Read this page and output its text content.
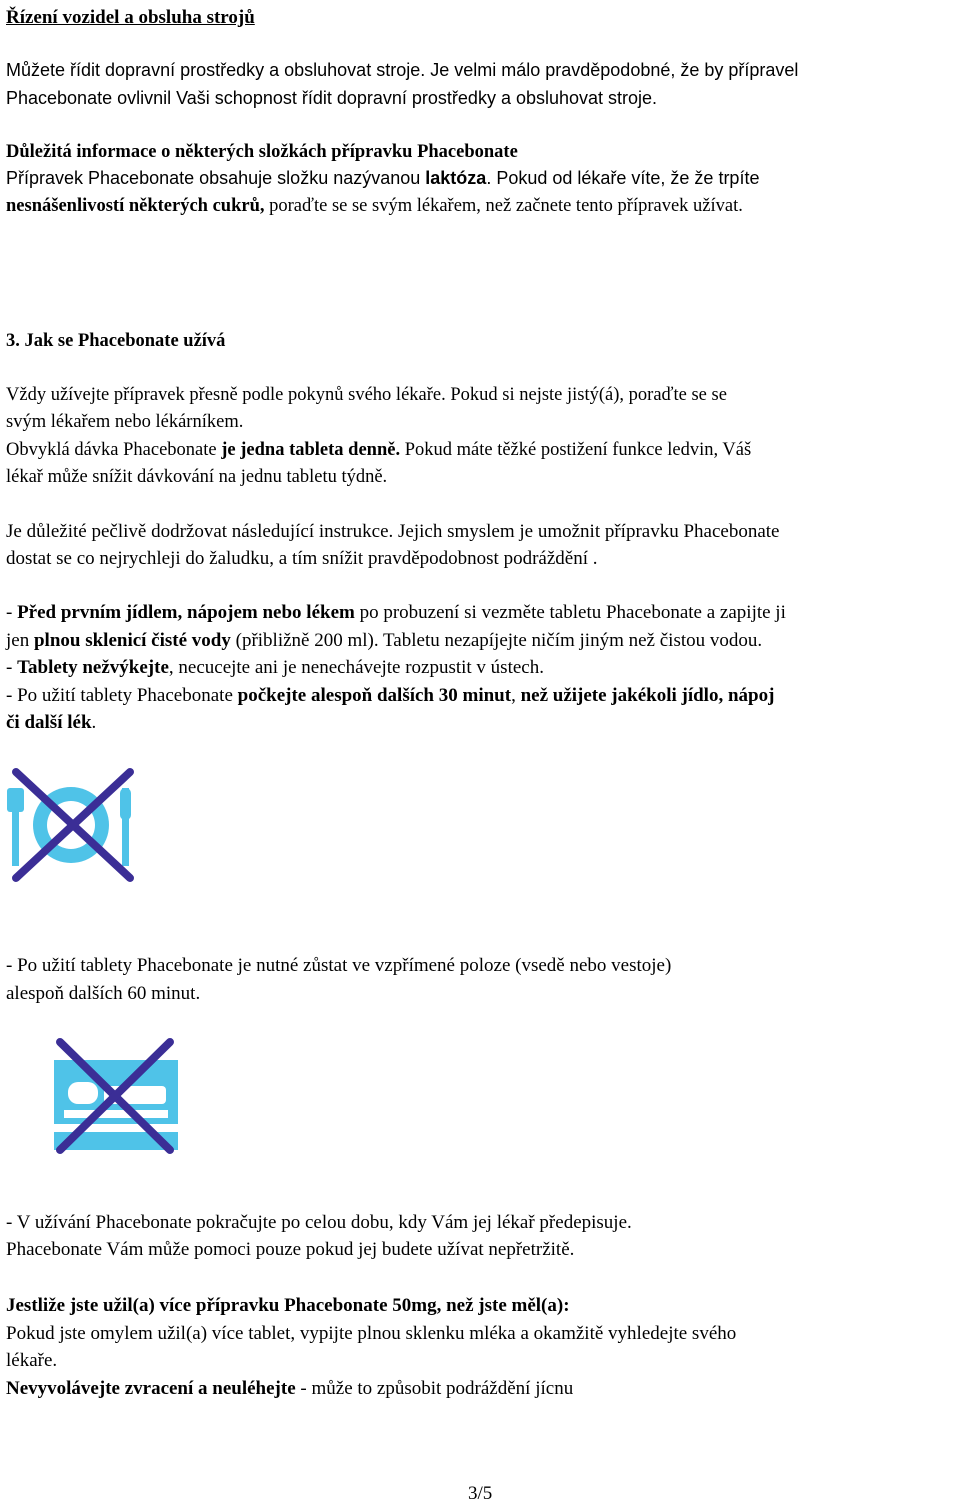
Řízení vozidel a obsluha strojů
Můžete řídit dopravní prostředky a obsluhovat stroje. Je velmi málo pravděpodobné, že by přípravel
Phacebonate ovlivnil Vaši schopnost řídit dopravní prostředky a obsluhovat stroje.
Důležitá informace o některých složkách přípravku Phacebonate
Přípravek Phacebonate obsahuje složku nazývanou laktóza. Pokud od lékaře víte, že že trpíte
nesnášenlivostí některých cukrů, poraďte se se svým lékařem, než začnete tento přípravek užívat.
3. Jak se Phacebonate užívá
Vždy užívejte přípravek přesně podle pokynů svého lékaře. Pokud si nejste jistý(á), poraďte se se
svým lékařem nebo lékárníkem.
Obvyklá dávka Phacebonate je jedna tableta denně. Pokud máte těžké postižení funkce ledvin, Váš
lékař může snížit dávkování na jednu tabletu týdně.
Je důležité pečlivě dodržovat následující instrukce. Jejich smyslem je umožnit přípravku Phacebonate
dostat se co nejrychleji do žaludku, a tím snížit pravděpodobnost podráždění .
- Před prvním jídlem, nápojem nebo lékem po probuzení si vezměte tabletu Phacebonate a zapijte ji
jen plnou sklenicí čisté vody (přibližně 200 ml). Tabletu nezapíjejte ničím jiným než čistou vodou.
- Tablety nežvýkejte, necucejte ani je nenechávejte rozpustit v ústech.
- Po užití tablety Phacebonate počkejte alespoň dalších 30 minut, než užijete jakékoli jídlo, nápoj
či další lék.
- Po užití tablety Phacebonate je nutné zůstat ve vzpřímené poloze (vsedě nebo vestoje)
alespoň dalších 60 minut.
- V užívání Phacebonate pokračujte po celou dobu, kdy Vám jej lékař předepisuje.
Phacebonate Vám může pomoci pouze pokud jej budete užívat nepřetržitě.
Jestliže jste užil(a) více přípravku Phacebonate 50mg, než jste měl(a):
Pokud jste omylem užil(a) více tablet, vypijte plnou sklenku mléka a okamžitě vyhledejte svého
lékaře.
Nevyvolávejte zvracení a neuléhejte - může to způsobit podráždění jícnu
3/5
